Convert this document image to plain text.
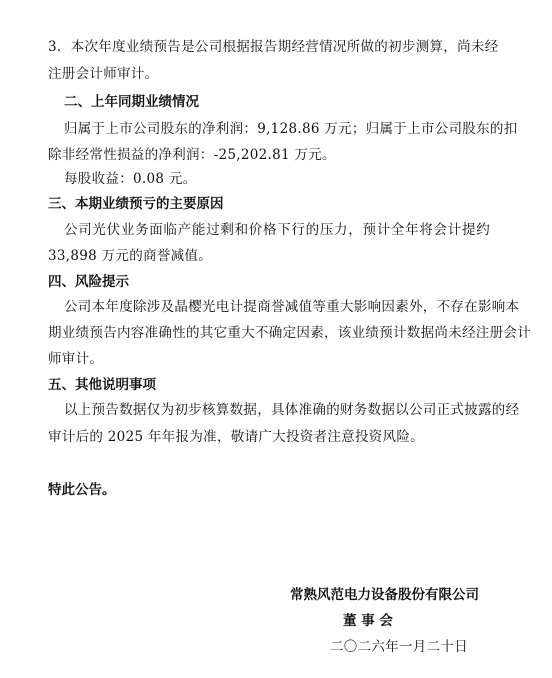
3．本次年度业绩预告是公司根据报告期经营情况所做的初步测算，尚未经
注册会计师审计。
二、上年同期业绩情况
归属于上市公司股东的净利润：9,128.86 万元；归属于上市公司股东的扣
除非经常性损益的净利润：-25,202.81 万元。
每股收益：0.08 元。
三、本期业绩预亏的主要原因
公司光伏业务面临产能过剩和价格下行的压力，预计全年将会计提约
33,898 万元的商誉减值。
四、风险提示
公司本年度除涉及晶樱光电计提商誉减值等重大影响因素外，不存在影响本
期业绩预告内容准确性的其它重大不确定因素，该业绩预计数据尚未经注册会计
师审计。
五、其他说明事项
以上预告数据仅为初步核算数据，具体准确的财务数据以公司正式披露的经
审计后的 2025 年年报为准，敬请广大投资者注意投资风险。
特此公告。
常熟风范电力设备股份有限公司
董 事 会
二〇二六年一月二十日
